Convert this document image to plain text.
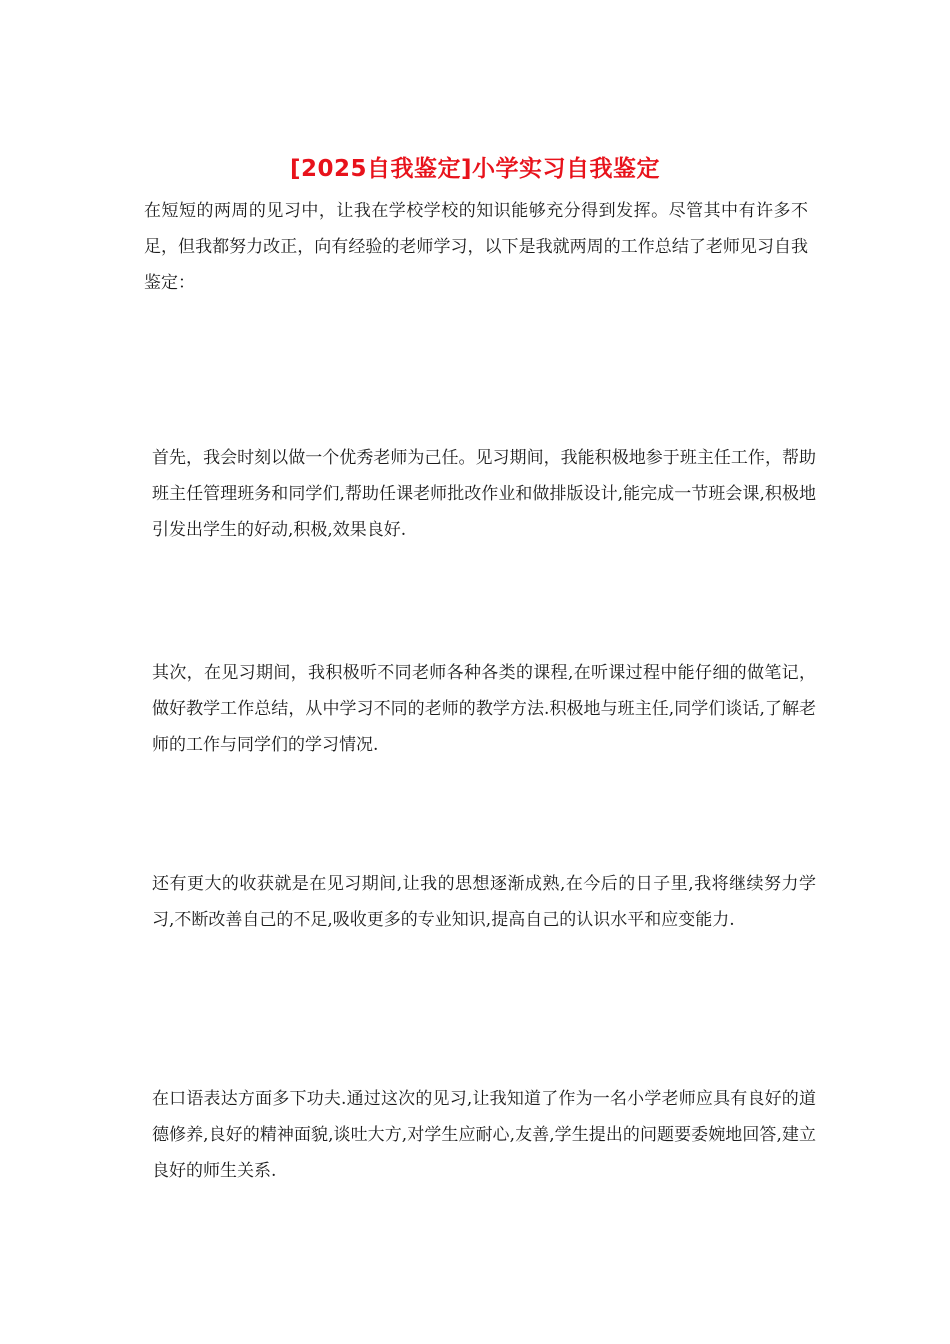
[2025自我鉴定]小学实习自我鉴定

在短短的两周的见习中，让我在学校学校的知识能够充分得到发挥。尽管其中有许多不足，但我都努力改正，向有经验的老师学习，以下是我就两周的工作总结了老师见习自我鉴定：

首先，我会时刻以做一个优秀老师为己任。见习期间，我能积极地参于班主任工作，帮助班主任管理班务和同学们,帮助任课老师批改作业和做排版设计,能完成一节班会课,积极地引发出学生的好动,积极,效果良好.

其次，在见习期间，我积极听不同老师各种各类的课程,在听课过程中能仔细的做笔记，做好教学工作总结，从中学习不同的老师的教学方法.积极地与班主任,同学们谈话,了解老师的工作与同学们的学习情况.

还有更大的收获就是在见习期间,让我的思想逐渐成熟,在今后的日子里,我将继续努力学习,不断改善自己的不足,吸收更多的专业知识,提高自己的认识水平和应变能力.

在口语表达方面多下功夫.通过这次的见习,让我知道了作为一名小学老师应具有良好的道德修养,良好的精神面貌,谈吐大方,对学生应耐心,友善,学生提出的问题要委婉地回答,建立良好的师生关系.
